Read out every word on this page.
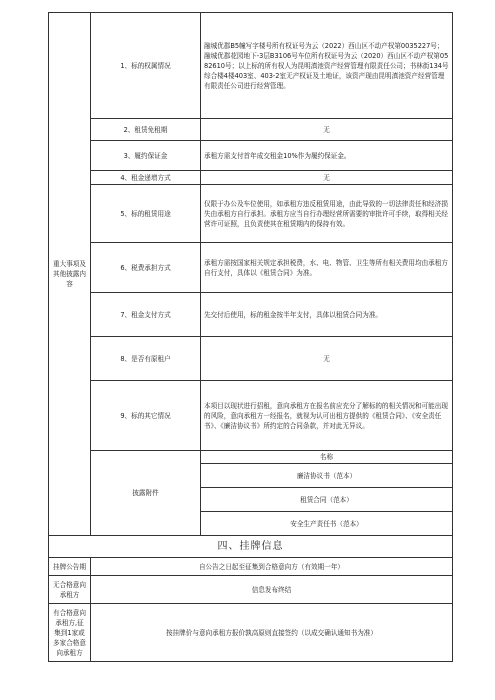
重大事项及其他披露内容	1、标的权属情况	融城优郡B5幢写字楼号所有权证号为云（2022）西山区不动产权第0035227号；融城优郡花园地下-3层B3106号车位所有权证号为云（2020）西山区不动产权第0582610号；以上标的所有权人为昆明滇池资产经营管理有限责任公司；书林街134号综合楼4楼403室、403-2室无产权证及土地证，该资产现由昆明滇池资产经营管理有限责任公司进行经营管理。
	2、租赁免租期	无
	3、履约保证金	承租方需支付首年成交租金10%作为履约保证金。
	4、租金递增方式	无
	5、标的租赁用途	仅限于办公及车位使用，如承租方违反租赁用途，由此导致的一切法律责任和经济损失由承租方自行承担。承租方应当自行办理经营所需要的审批许可手续，取得相关经营许可证照，且负责使其在租赁期内的保持有效。
	6、税费承担方式	承租方需按国家相关规定承担税费，水、电、物管、卫生等所有相关费用均由承租方自行支付，具体以《租赁合同》为准。
	7、租金支付方式	先交付后使用，标的租金按半年支付，具体以租赁合同为准。
	8、是否有原租户	无
	9、标的其它情况	本项目以现状进行招租，意向承租方在报名前应充分了解标的的相关情况和可能出现的风险，意向承租方一经报名，就视为认可出租方提供的《租赁合同》、《安全责任书》、《廉洁协议书》所约定的合同条款，并对此无异议。
	披露附件	名称
		廉洁协议书（范本）
		租赁合同（范本）
		安全生产责任书（范本）
四、挂牌信息	
挂牌公告期	自公告之日起至征集到合格意向方（有效期一年）
无合格意向承租方	信息发布终结
有合格意向承租方,征集到1家或多家合格意向承租方	按挂牌价与意向承租方报价孰高原则直接签约（以成交确认通知书为准）
